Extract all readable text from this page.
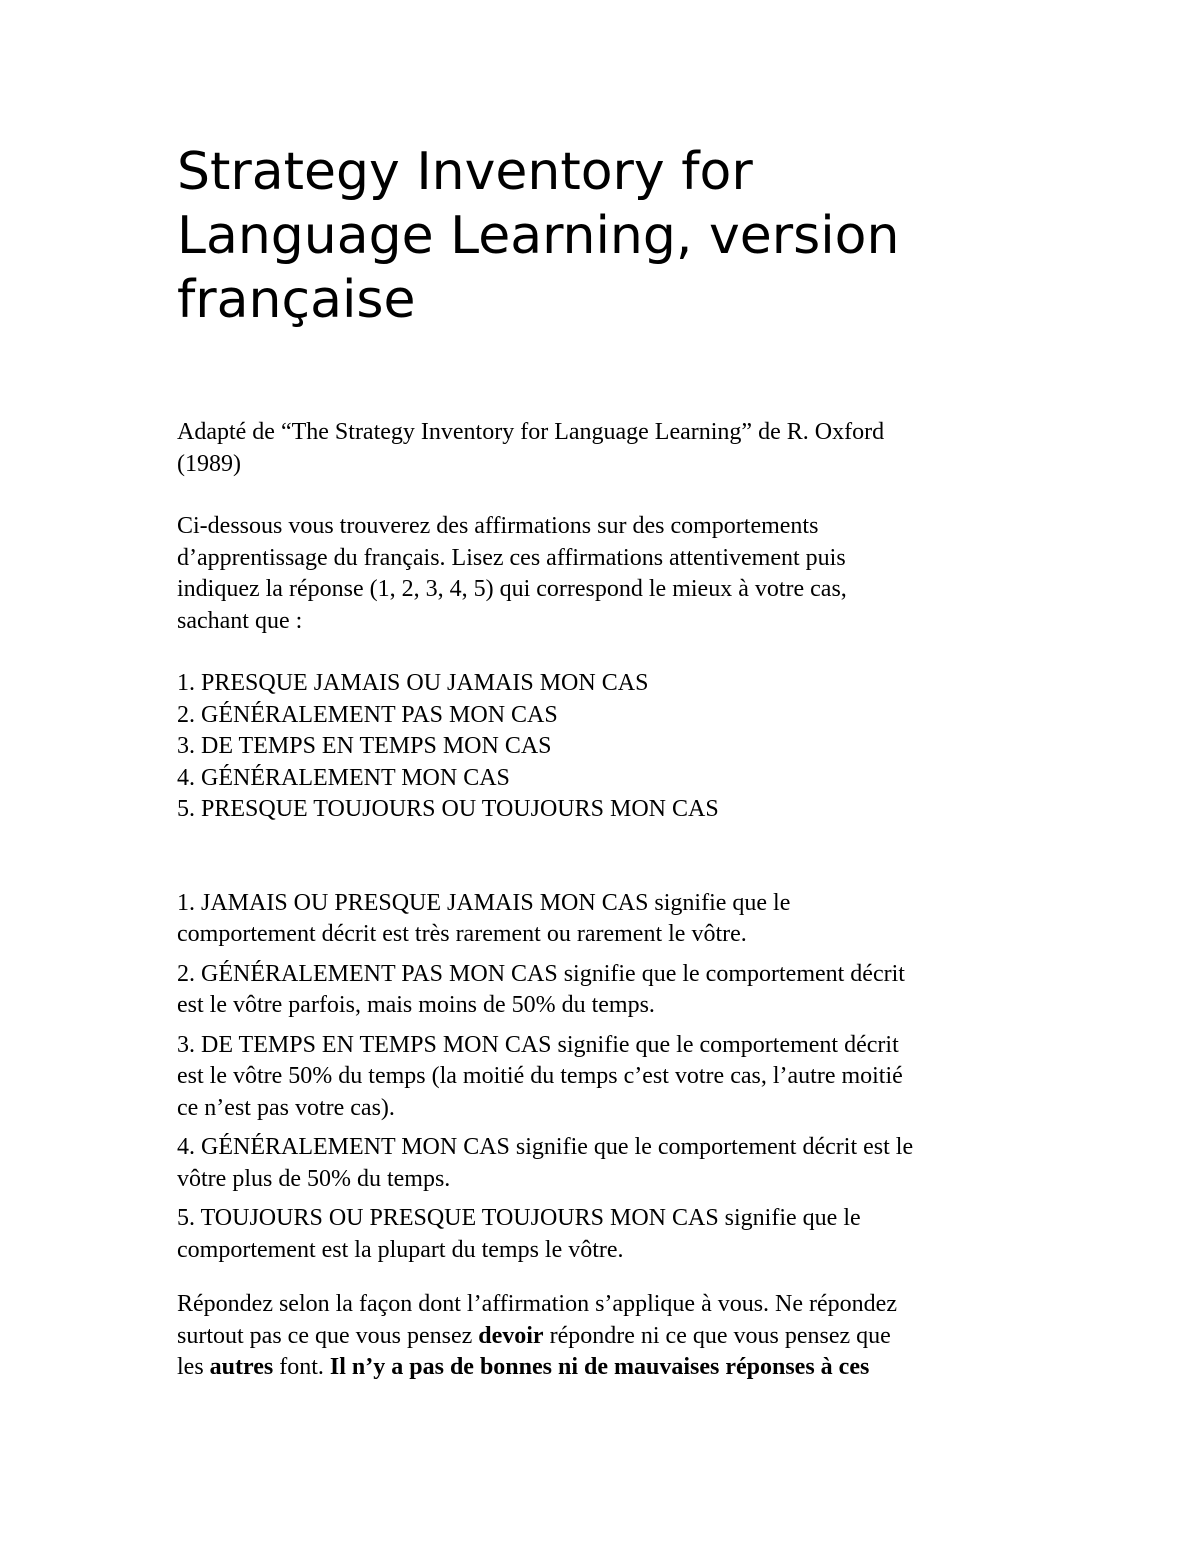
Strategy Inventory for
Language Learning, version
française

Adapté de “The Strategy Inventory for Language Learning” de R. Oxford
(1989)

Ci-dessous vous trouverez des affirmations sur des comportements
d’apprentissage du français. Lisez ces affirmations attentivement puis
indiquez la réponse (1, 2, 3, 4, 5) qui correspond le mieux à votre cas,
sachant que :

1. PRESQUE JAMAIS OU JAMAIS MON CAS
2. GÉNÉRALEMENT PAS MON CAS
3. DE TEMPS EN TEMPS MON CAS
4. GÉNÉRALEMENT MON CAS
5. PRESQUE TOUJOURS OU TOUJOURS MON CAS

1. JAMAIS OU PRESQUE JAMAIS MON CAS signifie que le
comportement décrit est très rarement ou rarement le vôtre.

2. GÉNÉRALEMENT PAS MON CAS signifie que le comportement décrit
est le vôtre parfois, mais moins de 50% du temps.

3. DE TEMPS EN TEMPS MON CAS signifie que le comportement décrit
est le vôtre 50% du temps (la moitié du temps c’est votre cas, l’autre moitié
ce n’est pas votre cas).

4. GÉNÉRALEMENT MON CAS signifie que le comportement décrit est le
vôtre plus de 50% du temps.

5. TOUJOURS OU PRESQUE TOUJOURS MON CAS signifie que le
comportement est la plupart du temps le vôtre.

Répondez selon la façon dont l’affirmation s’applique à vous. Ne répondez
surtout pas ce que vous pensez devoir répondre ni ce que vous pensez que
les autres font. Il n’y a pas de bonnes ni de mauvaises réponses à ces
